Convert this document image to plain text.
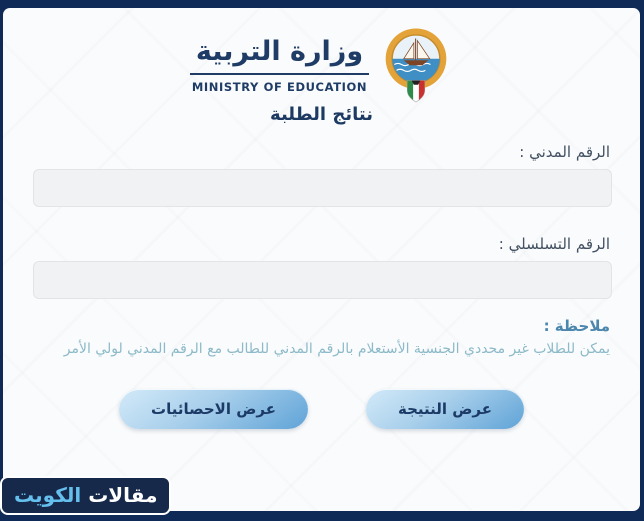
وزارة التربية
MINISTRY OF EDUCATION
نتائج الطلبة
الرقم المدني :
الرقم التسلسلي :
ملاحظة :
يمكن للطلاب غير محددي الجنسية الأستعلام بالرقم المدني للطالب مع الرقم المدني لولي الأمر
عرض النتيجة
عرض الاحصائيات
مقالات الكويت
